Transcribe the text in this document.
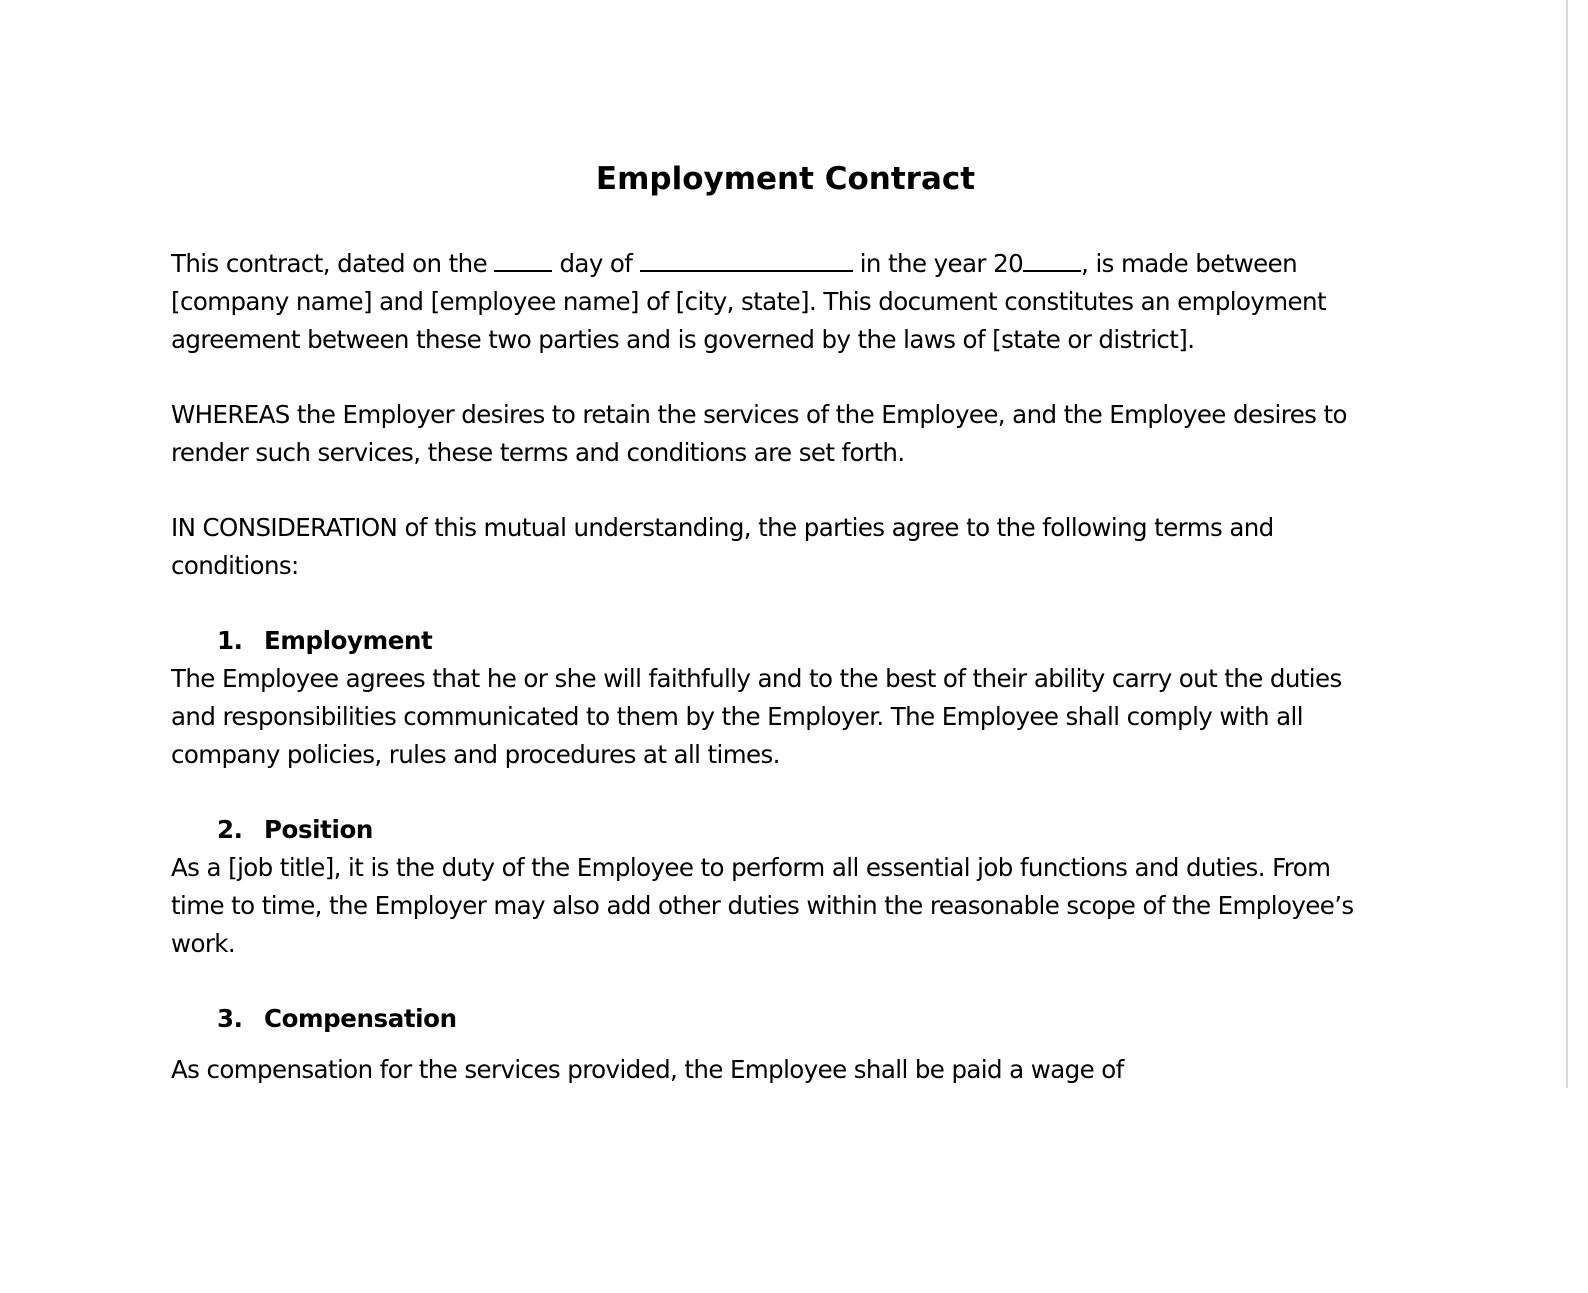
Employment Contract
This contract, dated on the  day of	in the year 20 , is made between [company name] and [employee name] of [city, state]. This document constitutes an employment agreement between these two parties and is governed by the laws of [state or district].
WHEREAS the Employer desires to retain the services of the Employee, and the Employee desires to render such services, these terms and conditions are set forth.
IN CONSIDERATION of this mutual understanding, the parties agree to the following terms and conditions:
1. Employment
The Employee agrees that he or she will faithfully and to the best of their ability carry out the duties and responsibilities communicated to them by the Employer. The Employee shall comply with all company policies, rules and procedures at all times.
2. Position
As a [job title], it is the duty of the Employee to perform all essential job functions and duties. From time to time, the Employer may also add other duties within the reasonable scope of the Employee’s work.
3. Compensation
As compensation for the services provided, the Employee shall be paid a wage of
